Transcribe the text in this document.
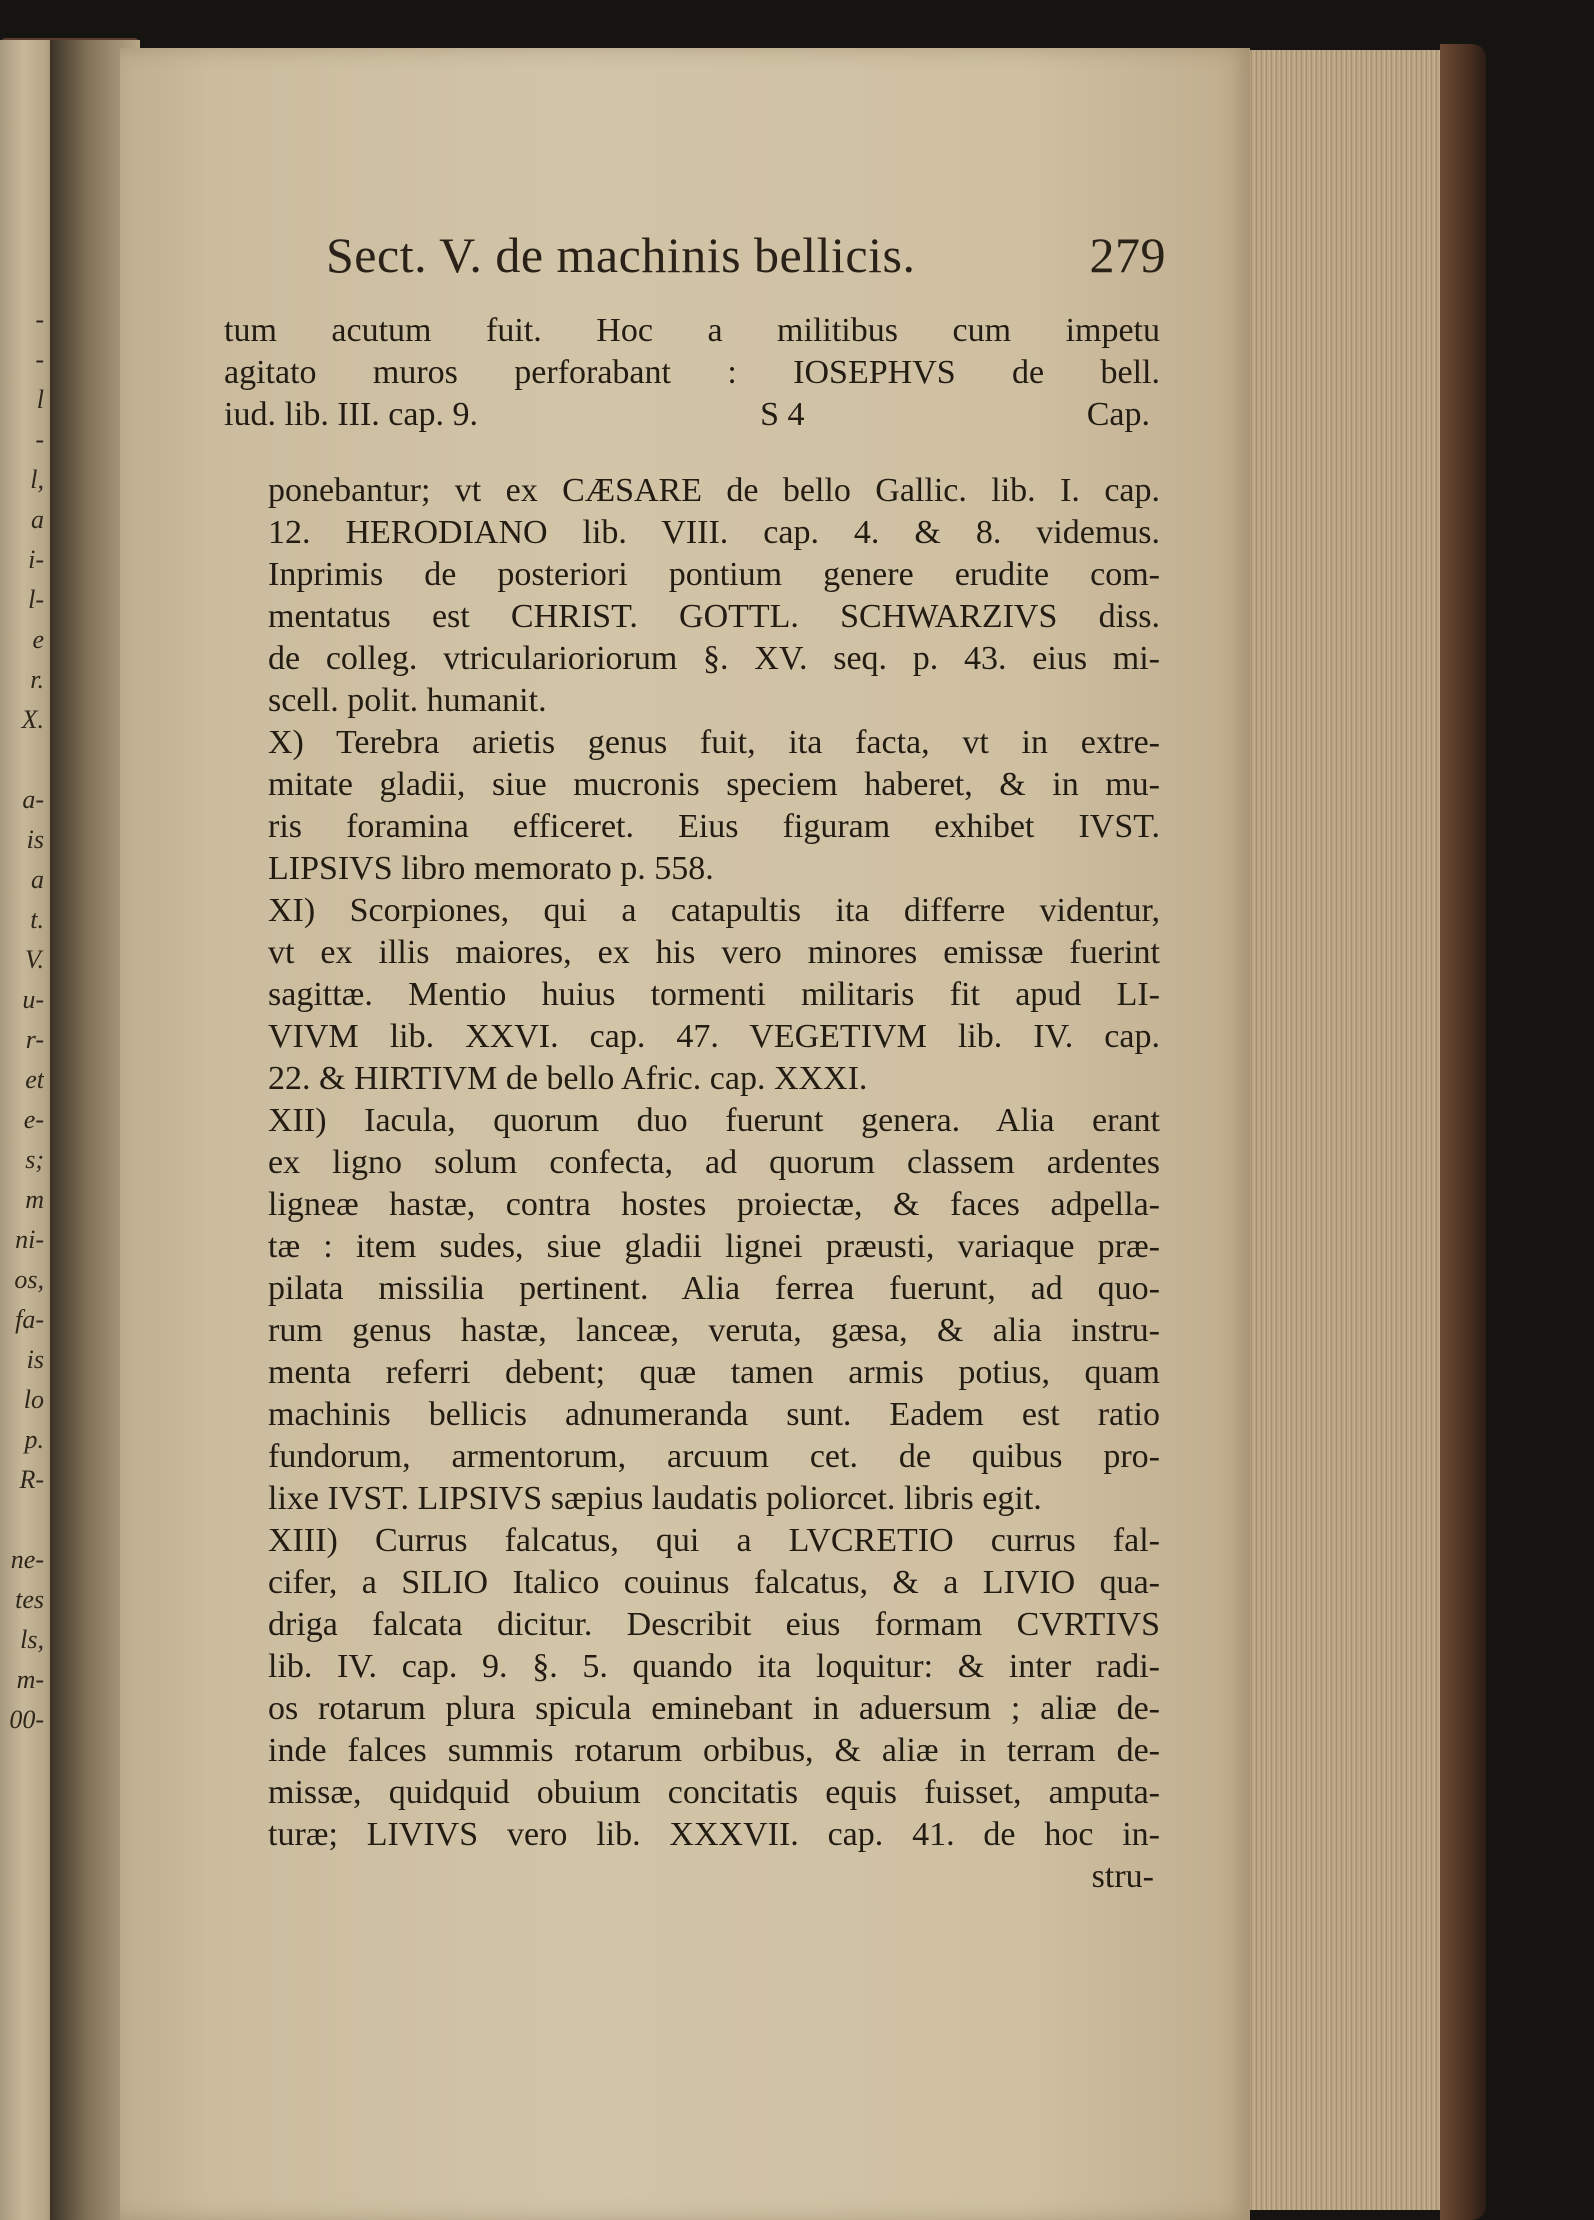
-
-
l
-
l,
a
i-
l-
e
r.
X.
a-
is
a
t.
V.
u-
r-
et
e-
s;
m
ni-
os,
fa-
is
lo
p.
R-
ne-
tes
ls,
m-
00-
Sect. V. de machinis bellicis.	279
tum acutum fuit. Hoc a militibus cum impetu
agitato muros perforabant : IOSEPHVS de bell.
iud. lib. III. cap. 9.	S 4	Cap.
ponebantur; vt ex CÆSARE de bello Gallic. lib. I. cap.
12. HERODIANO lib. VIII. cap. 4. & 8. videmus.
Inprimis de posteriori pontium genere erudite com-
mentatus est CHRIST. GOTTL. SCHWARZIVS diss.
de colleg. vtricularioriorum §. XV. seq. p. 43. eius mi-
scell. polit. humanit.
X) Terebra arietis genus fuit, ita facta, vt in extre-
mitate gladii, siue mucronis speciem haberet, & in mu-
ris foramina efficeret. Eius figuram exhibet IVST.
LIPSIVS libro memorato p. 558.
XI) Scorpiones, qui a catapultis ita differre videntur,
vt ex illis maiores, ex his vero minores emissæ fuerint
sagittæ. Mentio huius tormenti militaris fit apud LI-
VIVM lib. XXVI. cap. 47. VEGETIVM lib. IV. cap.
22. & HIRTIVM de bello Afric. cap. XXXI.
XII) Iacula, quorum duo fuerunt genera. Alia erant
ex ligno solum confecta, ad quorum classem ardentes
ligneæ hastæ, contra hostes proiectæ, & faces adpella-
tæ : item sudes, siue gladii lignei præusti, variaque præ-
pilata missilia pertinent. Alia ferrea fuerunt, ad quo-
rum genus hastæ, lanceæ, veruta, gæsa, & alia instru-
menta referri debent; quæ tamen armis potius, quam
machinis bellicis adnumeranda sunt. Eadem est ratio
fundorum, armentorum, arcuum cet. de quibus pro-
lixe IVST. LIPSIVS sæpius laudatis poliorcet. libris egit.
XIII) Currus falcatus, qui a LVCRETIO currus fal-
cifer, a SILIO Italico couinus falcatus, & a LIVIO qua-
driga falcata dicitur. Describit eius formam CVRTIVS
lib. IV. cap. 9. §. 5. quando ita loquitur: & inter radi-
os rotarum plura spicula eminebant in aduersum ; aliæ de-
inde falces summis rotarum orbibus, & aliæ in terram de-
missæ, quidquid obuium concitatis equis fuisset, amputa-
turæ; LIVIVS vero lib. XXXVII. cap. 41. de hoc in-
stru-
